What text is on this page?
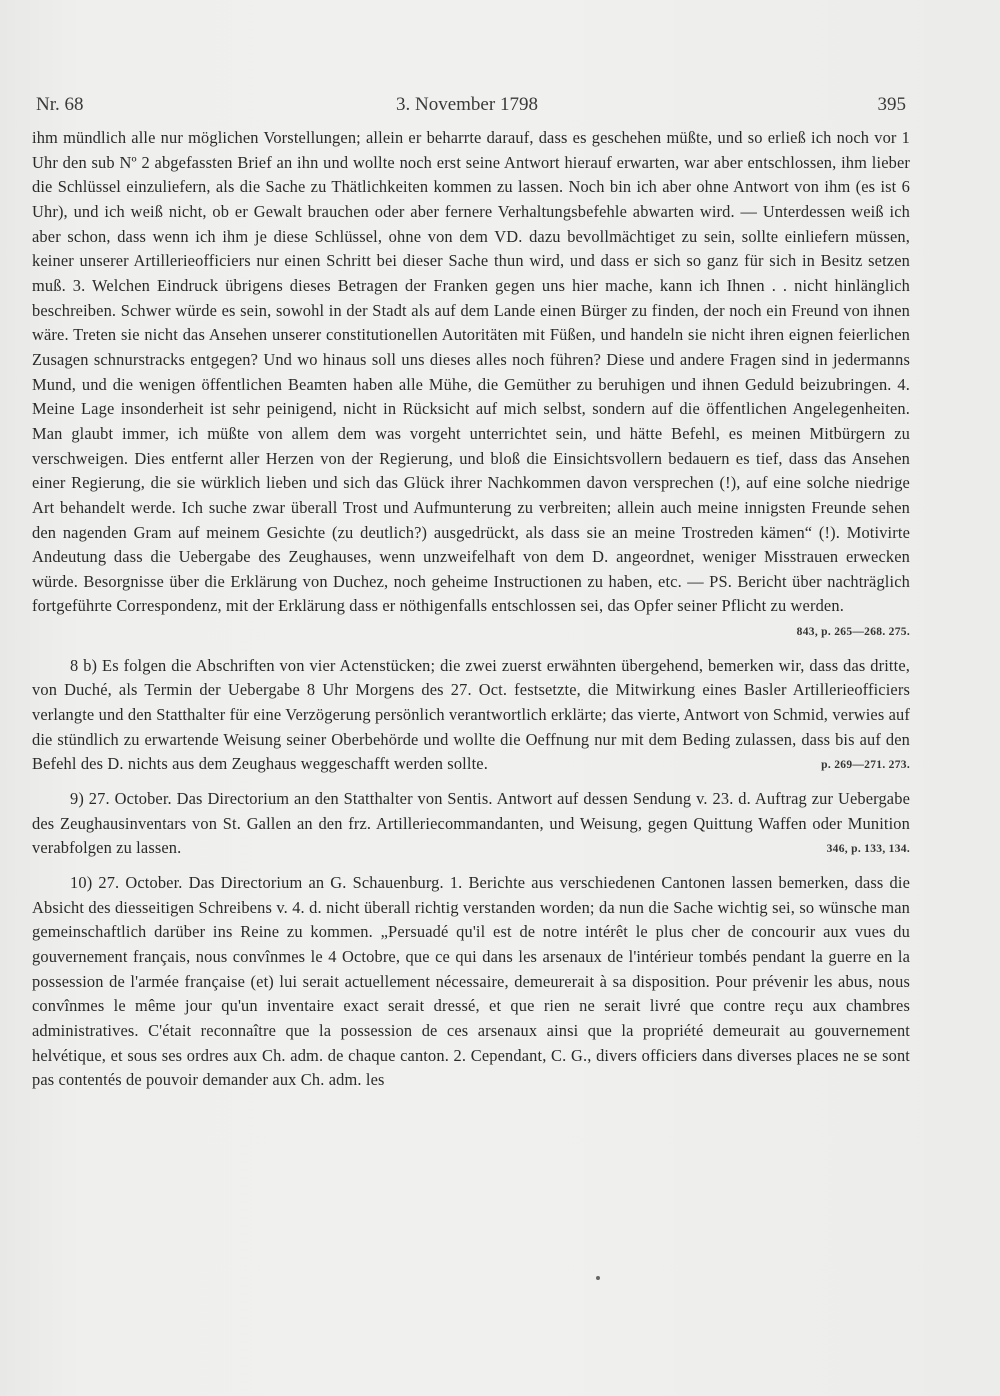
Nr. 68	3. November 1798	395
ihm mündlich alle nur möglichen Vorstellungen; allein er beharrte darauf, dass es geschehen müßte, und so erließ ich noch vor 1 Uhr den sub Nº 2 abgefassten Brief an ihn und wollte noch erst seine Antwort hierauf erwarten, war aber entschlossen, ihm lieber die Schlüssel einzuliefern, als die Sache zu Thätlichkeiten kommen zu lassen. Noch bin ich aber ohne Antwort von ihm (es ist 6 Uhr), und ich weiß nicht, ob er Gewalt brauchen oder aber fernere Verhaltungsbefehle abwarten wird. — Unterdessen weiß ich aber schon, dass wenn ich ihm je diese Schlüssel, ohne von dem VD. dazu bevollmächtiget zu sein, sollte einliefern müssen, keiner unserer Artillerieofficiers nur einen Schritt bei dieser Sache thun wird, und dass er sich so ganz für sich in Besitz setzen muß. 3. Welchen Eindruck übrigens dieses Betragen der Franken gegen uns hier mache, kann ich Ihnen . . nicht hinlänglich beschreiben. Schwer würde es sein, sowohl in der Stadt als auf dem Lande einen Bürger zu finden, der noch ein Freund von ihnen wäre. Treten sie nicht das Ansehen unserer constitutionellen Autoritäten mit Füßen, und handeln sie nicht ihren eignen feierlichen Zusagen schnurstracks entgegen? Und wo hinaus soll uns dieses alles noch führen? Diese und andere Fragen sind in jedermanns Mund, und die wenigen öffentlichen Beamten haben alle Mühe, die Gemüther zu beruhigen und ihnen Geduld beizubringen. 4. Meine Lage insonderheit ist sehr peinigend, nicht in Rücksicht auf mich selbst, sondern auf die öffentlichen Angelegenheiten. Man glaubt immer, ich müßte von allem dem was vorgeht unterrichtet sein, und hätte Befehl, es meinen Mitbürgern zu verschweigen. Dies entfernt aller Herzen von der Regierung, und bloß die Einsichtsvollern bedauern es tief, dass das Ansehen einer Regierung, die sie würklich lieben und sich das Glück ihrer Nachkommen davon versprechen (!), auf eine solche niedrige Art behandelt werde. Ich suche zwar überall Trost und Aufmunterung zu verbreiten; allein auch meine innigsten Freunde sehen den nagenden Gram auf meinem Gesichte (zu deutlich?) ausgedrückt, als dass sie an meine Trostreden kämen“ (!). Motivirte Andeutung dass die Uebergabe des Zeughauses, wenn unzweifelhaft von dem D. angeordnet, weniger Misstrauen erwecken würde. Besorgnisse über die Erklärung von Duchez, noch geheime Instructionen zu haben, etc. — PS. Bericht über nachträglich fortgeführte Correspondenz, mit der Erklärung dass er nöthigenfalls entschlossen sei, das Opfer seiner Pflicht zu werden.
843, p. 265—268. 275.
8 b) Es folgen die Abschriften von vier Actenstücken; die zwei zuerst erwähnten übergehend, bemerken wir, dass das dritte, von Duché, als Termin der Uebergabe 8 Uhr Morgens des 27. Oct. festsetzte, die Mitwirkung eines Basler Artillerieofficiers verlangte und den Statthalter für eine Verzögerung persönlich verantwortlich erklärte; das vierte, Antwort von Schmid, verwies auf die stündlich zu erwartende Weisung seiner Oberbehörde und wollte die Oeffnung nur mit dem Beding zulassen, dass bis auf den Befehl des D. nichts aus dem Zeughaus weggeschafft werden sollte.	p. 269—271. 273.
9) 27. October. Das Directorium an den Statthalter von Sentis. Antwort auf dessen Sendung v. 23. d. Auftrag zur Uebergabe des Zeughausinventars von St. Gallen an den frz. Artilleriecommandanten, und Weisung, gegen Quittung Waffen oder Munition verabfolgen zu lassen.	346, p. 133, 134.
10) 27. October. Das Directorium an G. Schauenburg. 1. Berichte aus verschiedenen Cantonen lassen bemerken, dass die Absicht des diesseitigen Schreibens v. 4. d. nicht überall richtig verstanden worden; da nun die Sache wichtig sei, so wünsche man gemeinschaftlich darüber ins Reine zu kommen. „Persuadé qu'il est de notre intérêt le plus cher de concourir aux vues du gouvernement français, nous convînmes le 4 Octobre, que ce qui dans les arsenaux de l'intérieur tombés pendant la guerre en la possession de l'armée française (et) lui serait actuellement nécessaire, demeurerait à sa disposition. Pour prévenir les abus, nous convînmes le même jour qu'un inventaire exact serait dressé, et que rien ne serait livré que contre reçu aux chambres administratives. C'était reconnaître que la possession de ces arsenaux ainsi que la propriété demeurait au gouvernement helvétique, et sous ses ordres aux Ch. adm. de chaque canton. 2. Cependant, C. G., divers officiers dans diverses places ne se sont pas contentés de pouvoir demander aux Ch. adm. les
